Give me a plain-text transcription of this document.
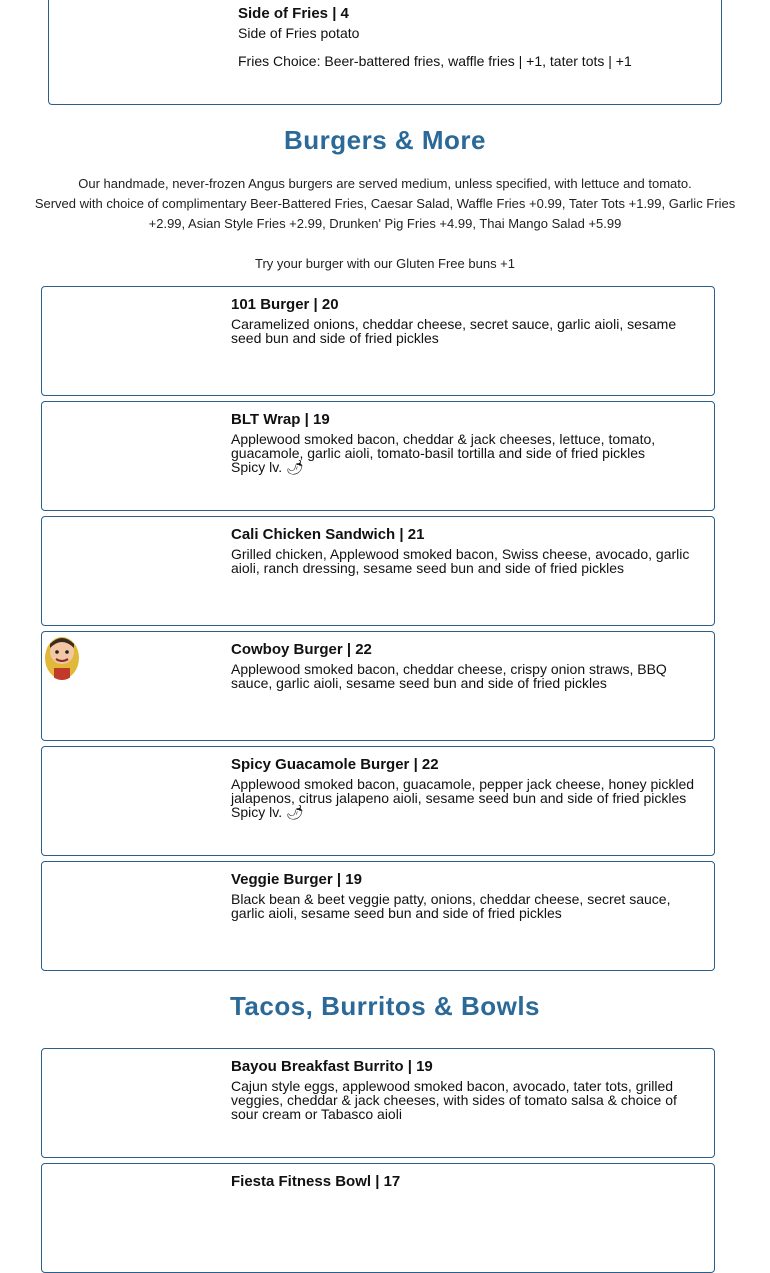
Side of Fries | 4
Side of Fries potato
Fries Choice: Beer-battered fries, waffle fries | +1, tater tots | +1
Burgers & More
Our handmade, never-frozen Angus burgers are served medium, unless specified, with lettuce and tomato.
Served with choice of complimentary Beer-Battered Fries, Caesar Salad, Waffle Fries +0.99, Tater Tots +1.99, Garlic Fries +2.99, Asian Style Fries +2.99, Drunken' Pig Fries +4.99, Thai Mango Salad +5.99
Try your burger with our Gluten Free buns +1
101 Burger | 20
Caramelized onions, cheddar cheese, secret sauce, garlic aioli, sesame seed bun and side of fried pickles
BLT Wrap | 19
Applewood smoked bacon, cheddar & jack cheeses, lettuce, tomato, guacamole, garlic aioli, tomato-basil tortilla and side of fried pickles
Spicy lv. 🌶
Cali Chicken Sandwich | 21
Grilled chicken, Applewood smoked bacon, Swiss cheese, avocado, garlic aioli, ranch dressing, sesame seed bun and side of fried pickles
Cowboy Burger | 22
Applewood smoked bacon, cheddar cheese, crispy onion straws, BBQ sauce, garlic aioli, sesame seed bun and side of fried pickles
Spicy Guacamole Burger | 22
Applewood smoked bacon, guacamole, pepper jack cheese, honey pickled jalapenos, citrus jalapeno aioli, sesame seed bun and side of fried pickles
Spicy lv. 🌶
Veggie Burger | 19
Black bean & beet veggie patty, onions, cheddar cheese, secret sauce, garlic aioli, sesame seed bun and side of fried pickles
Tacos, Burritos & Bowls
Bayou Breakfast Burrito | 19
Cajun style eggs, applewood smoked bacon, avocado, tater tots, grilled veggies, cheddar & jack cheeses, with sides of tomato salsa & choice of sour cream or Tabasco aioli
Fiesta Fitness Bowl | 17
